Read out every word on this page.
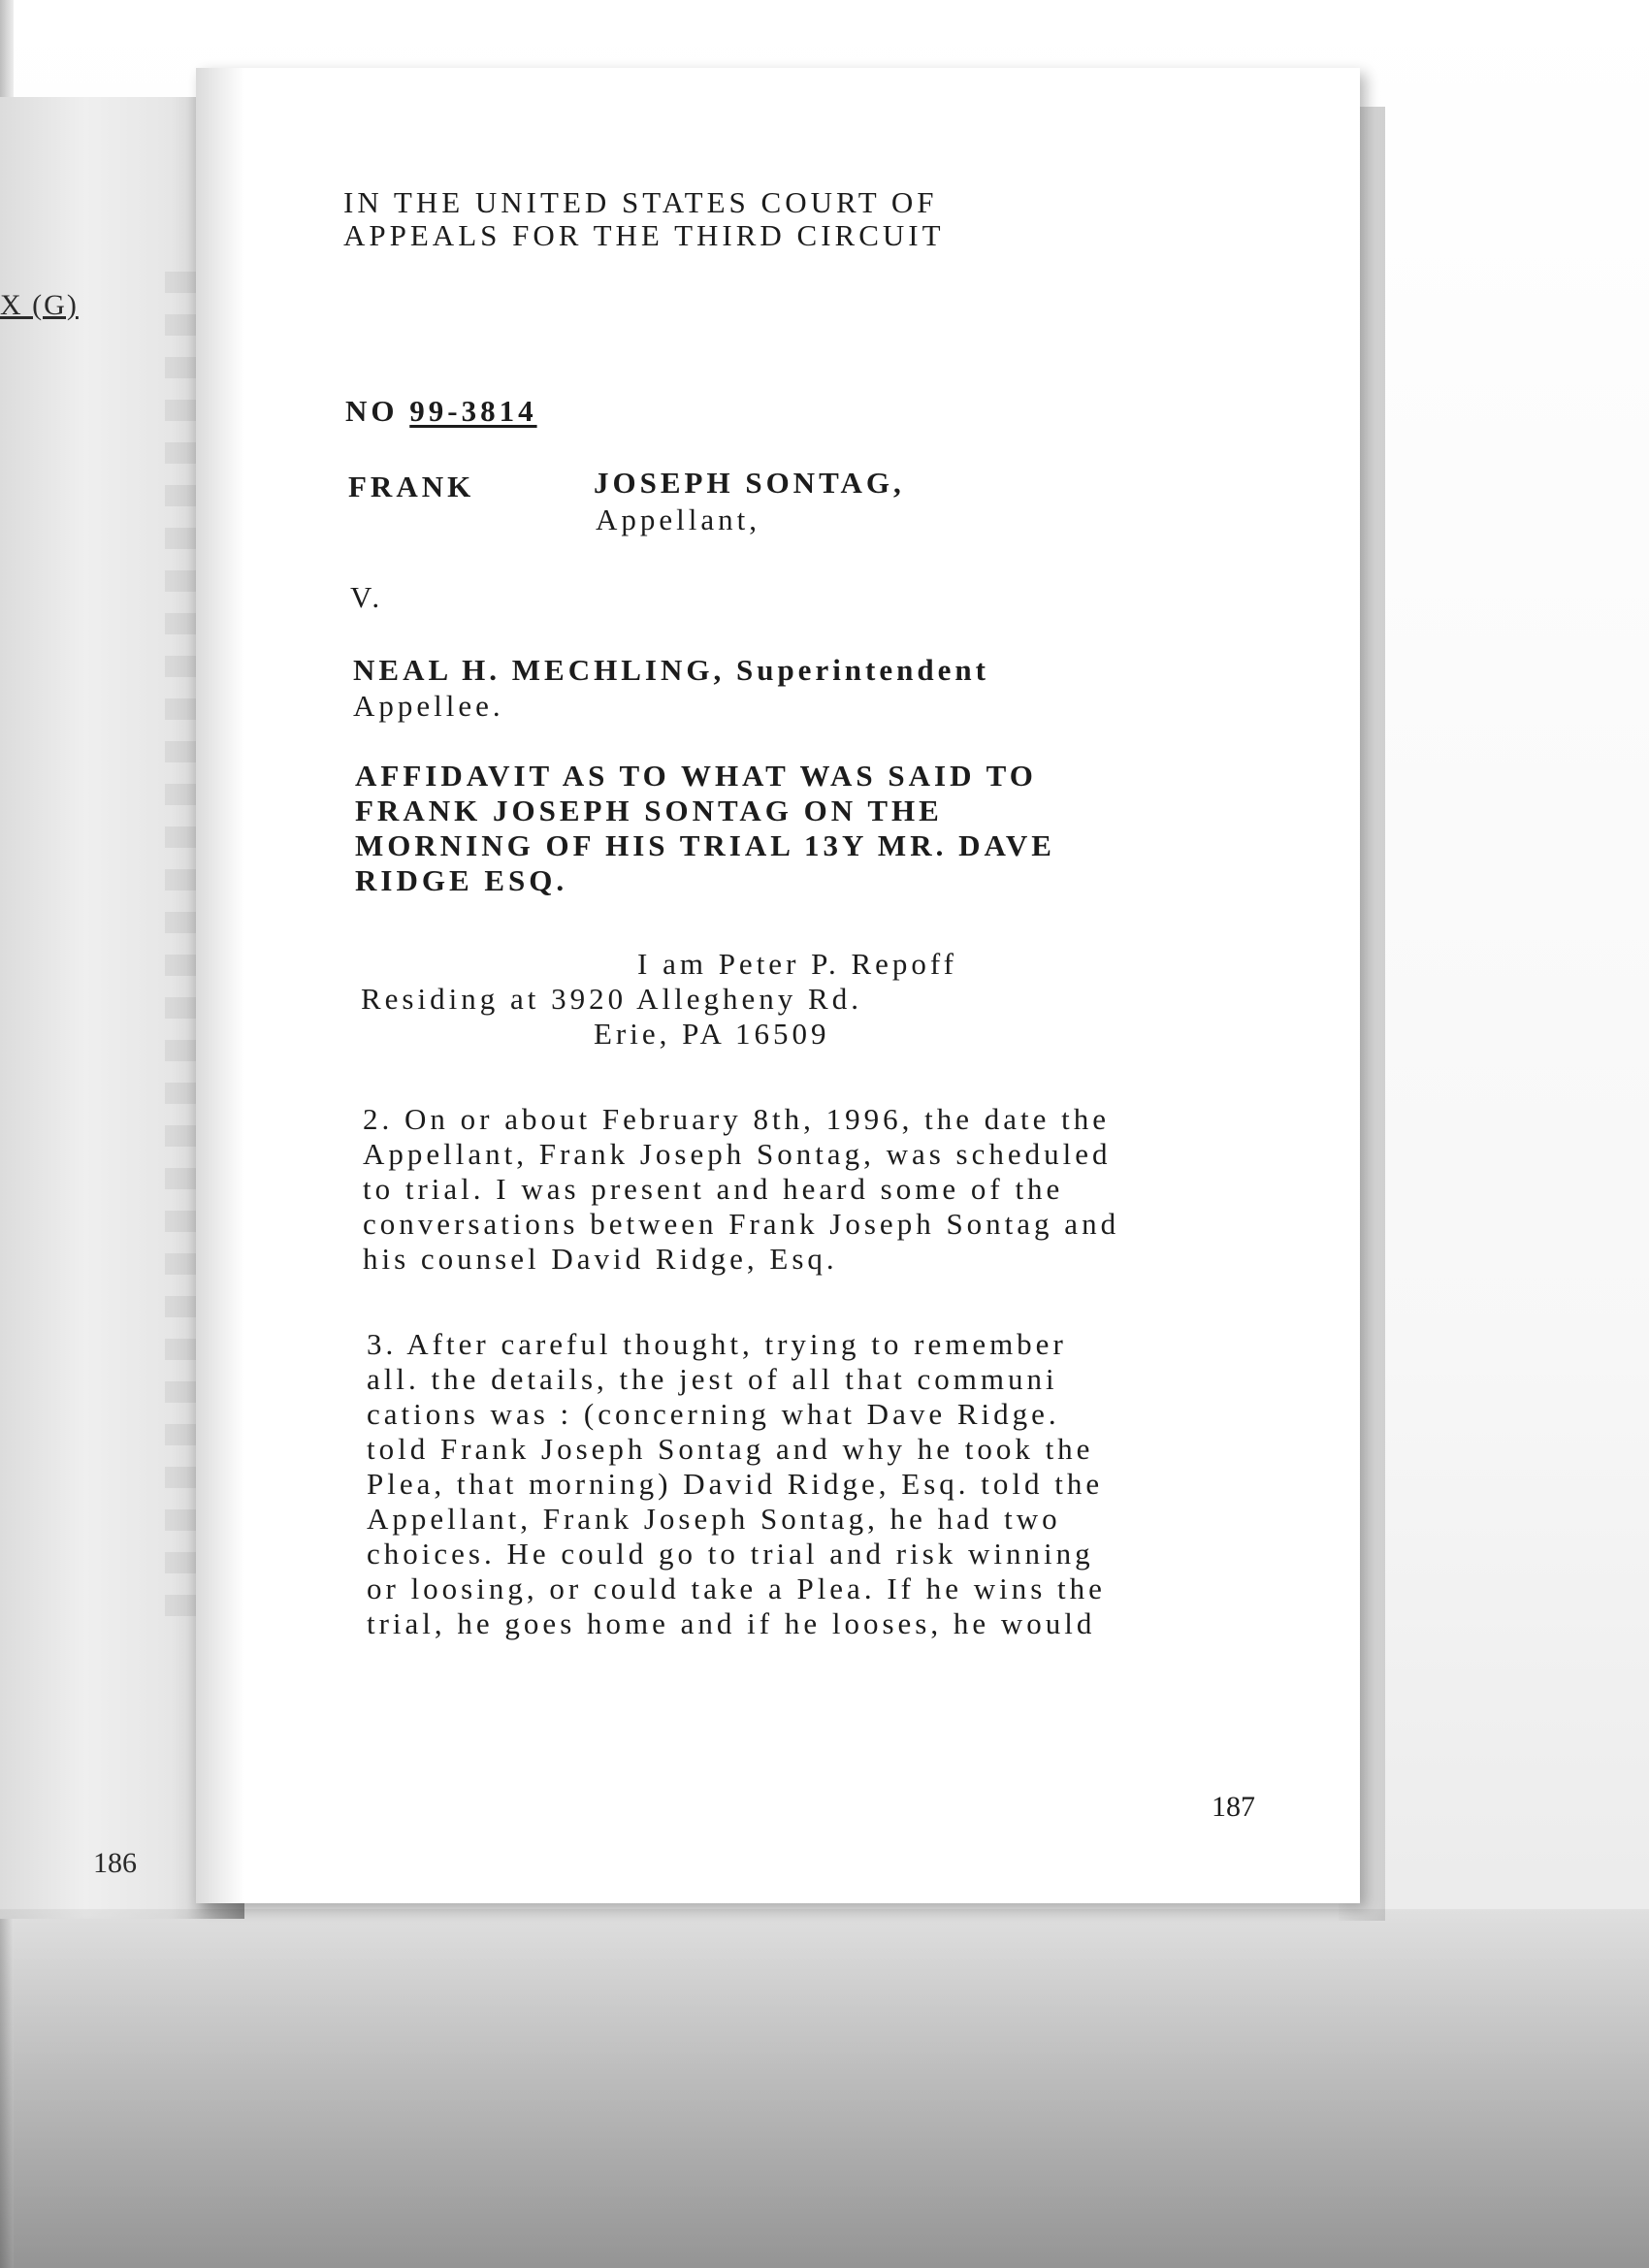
X (G)
186
IN THE UNITED STATES COURT OF
APPEALS FOR THE THIRD CIRCUIT
NO 99-3814
FRANK	JOSEPH SONTAG,
Appellant,
V.
NEAL H. MECHLING, Superintendent
Appellee.
AFFIDAVIT AS TO WHAT WAS SAID TO
FRANK JOSEPH SONTAG ON THE
MORNING OF HIS TRIAL 13Y MR. DAVE
RIDGE ESQ.
I am Peter P. Repoff
Residing at 3920 Allegheny Rd.
Erie, PA 16509
2. On or about February 8th, 1996, the date the
Appellant, Frank Joseph Sontag, was scheduled
to trial. I was present and heard some of the
conversations between Frank Joseph Sontag and
his counsel David Ridge, Esq.
3. After careful thought, trying to remember
all. the details, the jest of all that communi
cations was : (concerning what Dave Ridge.
told Frank Joseph Sontag and why he took the
Plea, that morning) David Ridge, Esq. told the
Appellant, Frank Joseph Sontag, he had two
choices. He could go to trial and risk winning
or loosing, or could take a Plea. If he wins the
trial, he goes home and if he looses, he would
187
